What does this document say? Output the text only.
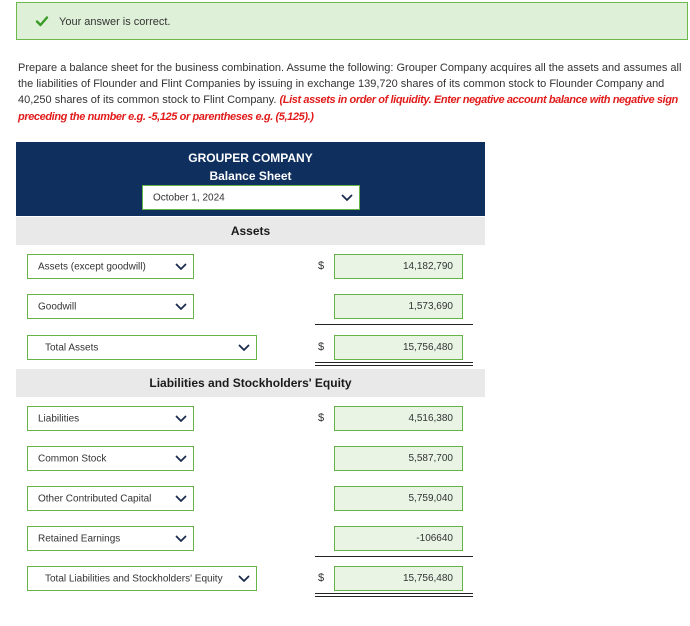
Your answer is correct.
Prepare a balance sheet for the business combination. Assume the following: Grouper Company acquires all the assets and assumes all the liabilities of Flounder and Flint Companies by issuing in exchange 139,720 shares of its common stock to Flounder Company and 40,250 shares of its common stock to Flint Company. (List assets in order of liquidity. Enter negative account balance with negative sign preceding the number e.g. -5,125 or parentheses e.g. (5,125).)
GROUPER COMPANY
Balance Sheet
October 1, 2024
Assets
Assets (except goodwill)	$	14,182,790
Goodwill	1,573,690
Total Assets	$	15,756,480
Liabilities and Stockholders' Equity
Liabilities	$	4,516,380
Common Stock	5,587,700
Other Contributed Capital	5,759,040
Retained Earnings	-106640
Total Liabilities and Stockholders' Equity	$	15,756,480
